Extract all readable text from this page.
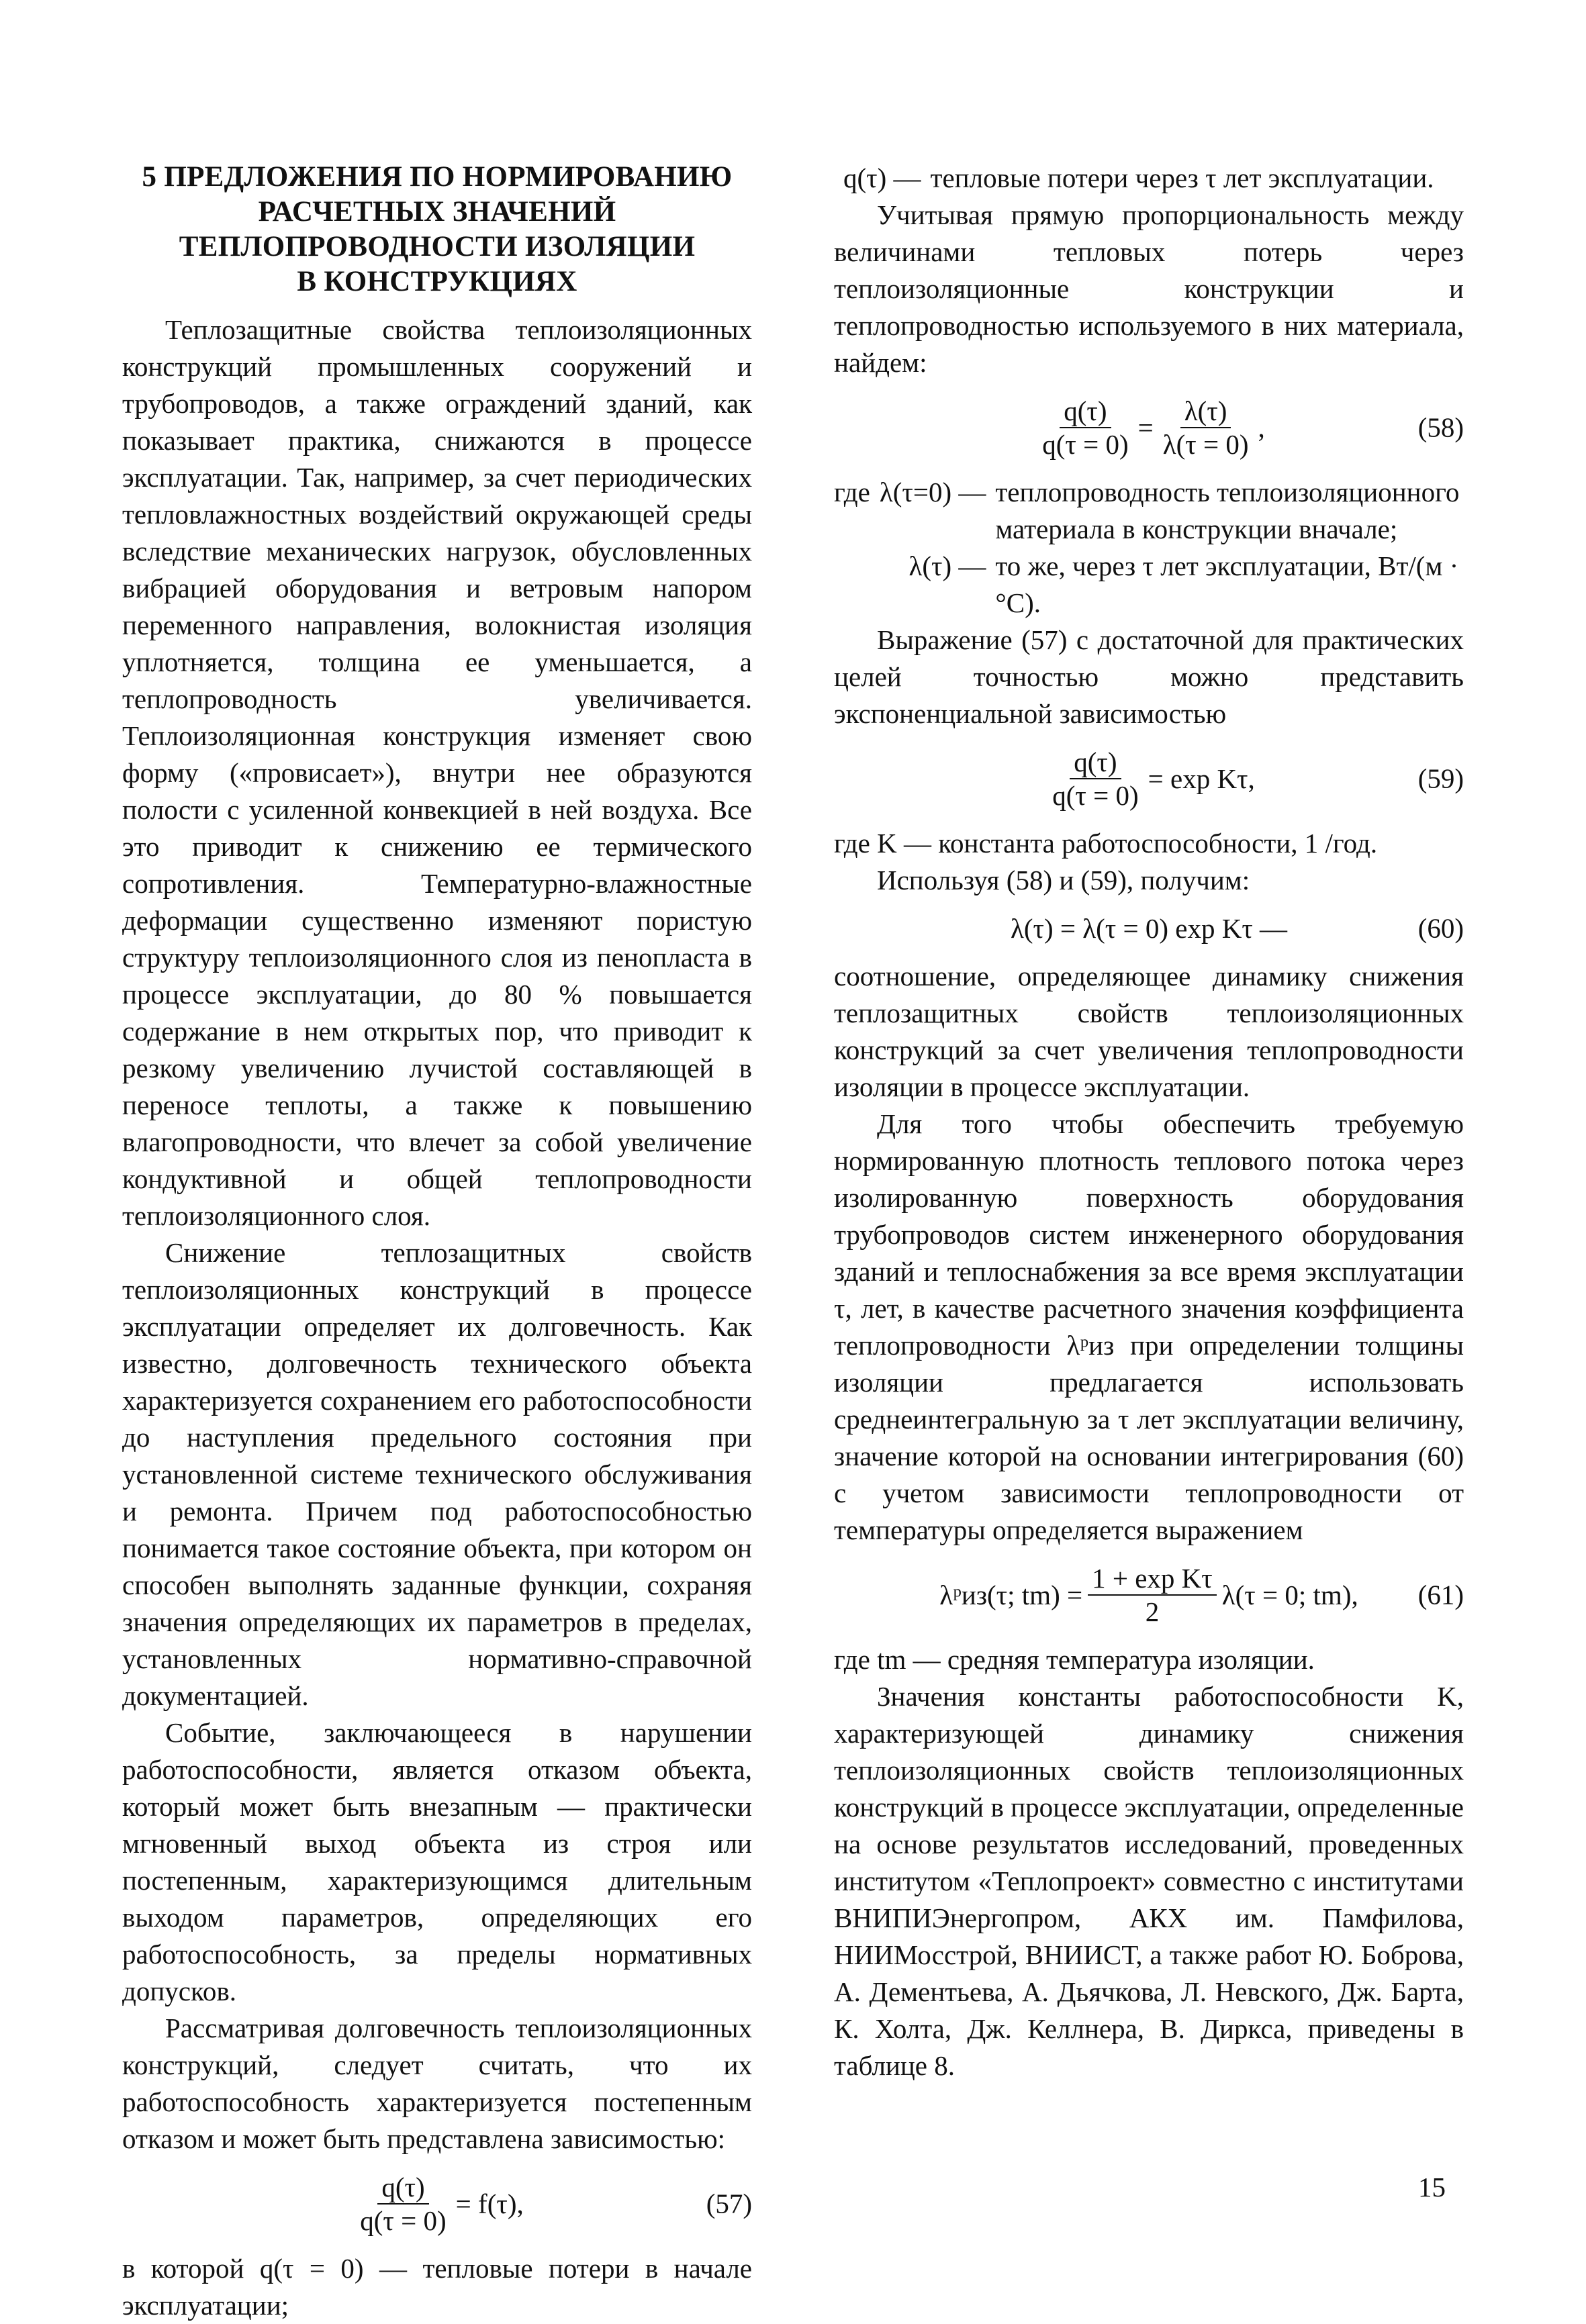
5 ПРЕДЛОЖЕНИЯ ПО НОРМИРОВАНИЮ
РАСЧЕТНЫХ ЗНАЧЕНИЙ
ТЕПЛОПРОВОДНОСТИ ИЗОЛЯЦИИ
В КОНСТРУКЦИЯХ

Теплозащитные свойства теплоизоляционных конструкций промышленных сооружений и трубопроводов, а также ограждений зданий, как показывает практика, снижаются в процессе эксплуатации. Так, например, за счет периодических тепловлажностных воздействий окружающей среды вследствие механических нагрузок, обусловленных вибрацией оборудования и ветровым напором переменного направления, волокнистая изоляция уплотняется, толщина ее уменьшается, а теплопроводность увеличивается. Теплоизоляционная конструкция изменяет свою форму («провисает»), внутри нее образуются полости с усиленной конвекцией в ней воздуха. Все это приводит к снижению ее термического сопротивления. Температурно-влажностные деформации существенно изменяют пористую структуру теплоизоляционного слоя из пенопласта в процессе эксплуатации, до 80 % повышается содержание в нем открытых пор, что приводит к резкому увеличению лучистой составляющей в переносе теплоты, а также к повышению влагопроводности, что влечет за собой увеличение кондуктивной и общей теплопроводности теплоизоляционного слоя.

Снижение теплозащитных свойств теплоизоляционных конструкций в процессе эксплуатации определяет их долговечность. Как известно, долговечность технического объекта характеризуется сохранением его работоспособности до наступления предельного состояния при установленной системе технического обслуживания и ремонта. Причем под работоспособностью понимается такое состояние объекта, при котором он способен выполнять заданные функции, сохраняя значения определяющих их параметров в пределах, установленных нормативно-справочной документацией.

Событие, заключающееся в нарушении работоспособности, является отказом объекта, который может быть внезапным — практически мгновенный выход объекта из строя или постепенным, характеризующимся длительным выходом параметров, определяющих его работоспособность, за пределы нормативных допусков.

Рассматривая долговечность теплоизоляционных конструкций, следует считать, что их работоспособность характеризуется постепенным отказом и может быть представлена зависимостью:

$\frac{q(\tau)}{q(\tau = 0)} = f(\tau)$,	(57)

в которой q(τ = 0) — тепловые потери в начале эксплуатации;

q(τ) — тепловые потери через τ лет эксплуатации.

Учитывая прямую пропорциональность между величинами тепловых потерь через теплоизоляционные конструкции и теплопроводностью используемого в них материала, найдем:

$\frac{q(\tau)}{q(\tau = 0)} = \frac{\lambda(\tau)}{\lambda(\tau = 0)}$ ,	(58)
где λ(τ=0) — теплопроводность теплоизоляционного материала в конструкции вначале;
λ(τ) — то же, через τ лет эксплуатации, Вт/(м · °С).

Выражение (57) с достаточной для практических целей точностью можно представить экспоненциальной зависимостью

$\frac{q(\tau)}{q(\tau = 0)} = \exp K\tau$,	(59)

где K — константа работоспособности, 1 /год.

Используя (58) и (59), получим:

λ(τ) = λ(τ = 0) exp Kτ —	(60)

соотношение, определяющее динамику снижения теплозащитных свойств теплоизоляционных конструкций за счет увеличения теплопроводности изоляции в процессе эксплуатации.

Для того чтобы обеспечить требуемую нормированную плотность теплового потока через изолированную поверхность оборудования трубопроводов систем инженерного оборудования зданий и теплоснабжения за все время эксплуатации τ, лет, в качестве расчетного значения коэффициента теплопроводности λᵖиз при определении толщины изоляции предлагается использовать среднеинтегральную за τ лет эксплуатации величину, значение которой на основании интегрирования (60) с учетом зависимости теплопроводности от температуры определяется выражением

λᵖиз(τ; $tm) = \frac{\text{1 + exp Kτ}}{2} \lambda(\tau = 0$; tm), (61)

где tm — средняя температура изоляции.

Значения константы работоспособности K, характеризующей динамику снижения теплоизоляционных свойств теплоизоляционных конструкций в процессе эксплуатации, определенные на основе результатов исследований, проведенных институтом «Теплопроект» совместно с институтами ВНИПИЭнергопром, АКХ им. Памфилова, НИИМосстрой, ВНИИСТ, а также работ Ю. Боброва, А. Дементьева, А. Дьячкова, Л. Невского, Дж. Барта, К. Холта, Дж. Келлнера, В. Диркса, приведены в таблице 8.

15
